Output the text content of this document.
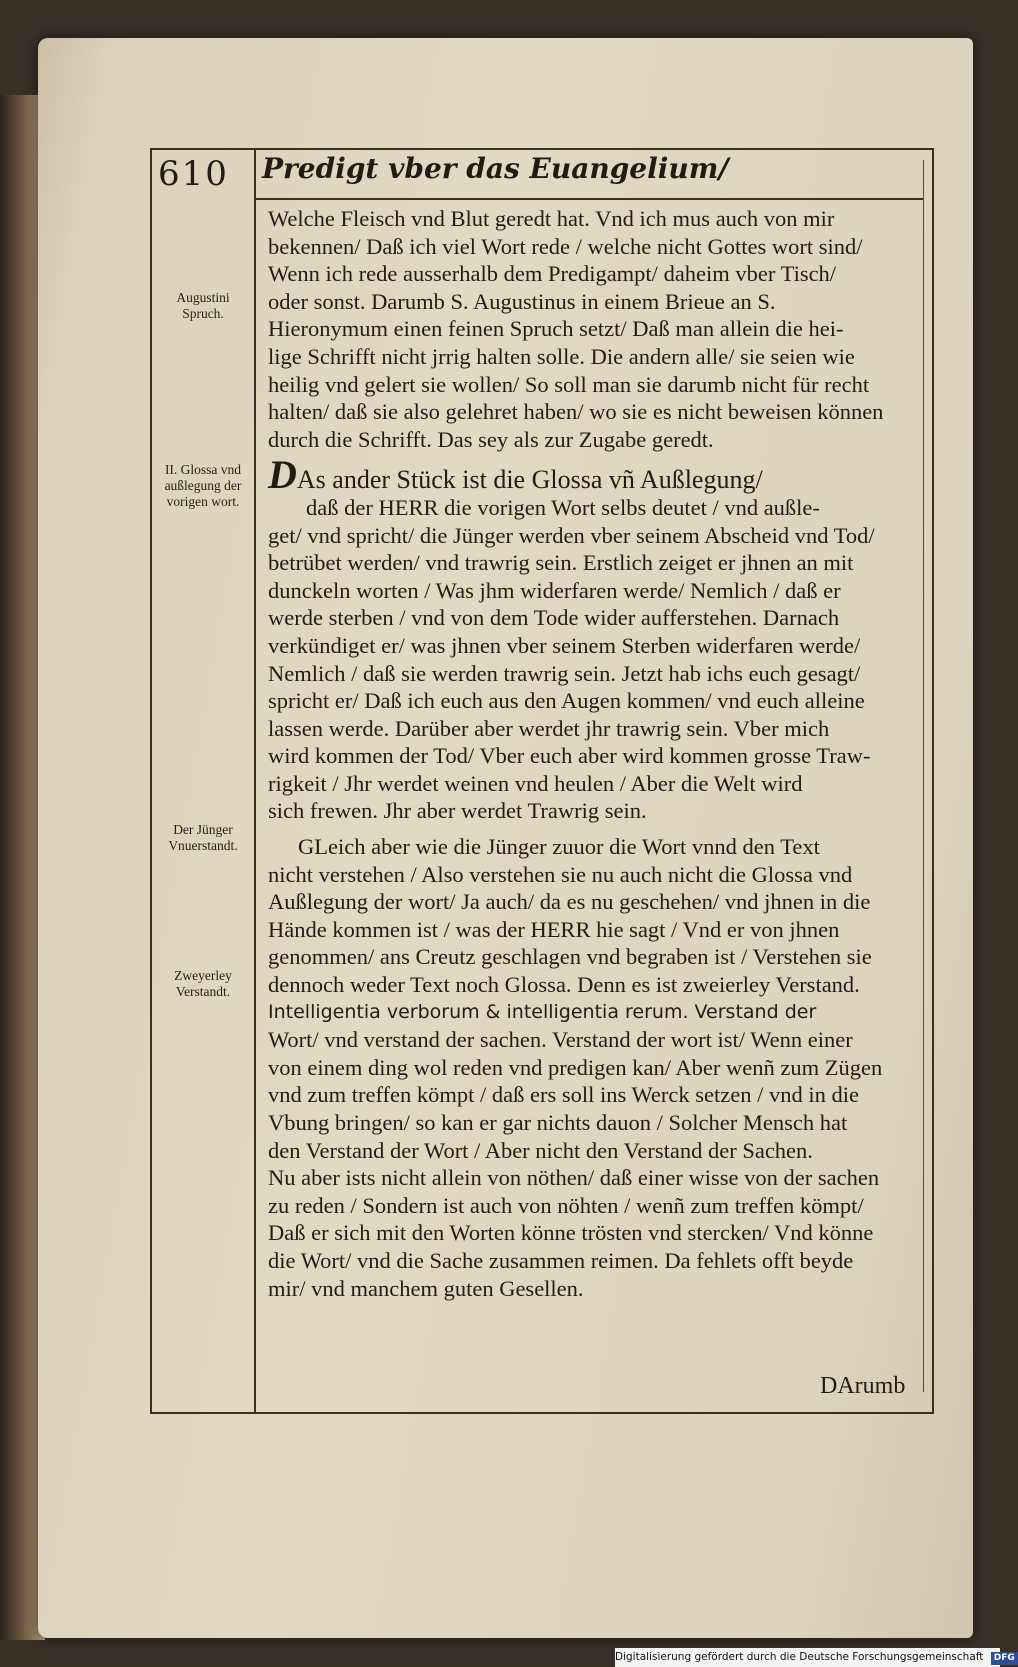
610	Predigt vber das Euangelium/
Augustini Spruch.
II. Glossa vnd außlegung der vorigen wort.
Der Jünger Vnuerstandt.
Zweyerley Verstandt.
Welche Fleisch vnd Blut geredt hat. Vnd ich mus auch von mir
bekennen/ Daß ich viel Wort rede / welche nicht Gottes wort sind/
Wenn ich rede ausserhalb dem Predigampt/ daheim vber Tisch/
oder sonst. Darumb S. Augustinus in einem Brieue an S.
Hieronymum einen feinen Spruch setzt/ Daß man allein die hei-
lige Schrifft nicht jrrig halten solle. Die andern alle/ sie seien wie
heilig vnd gelert sie wollen/ So soll man sie darumb nicht für recht
halten/ daß sie also gelehret haben/ wo sie es nicht beweisen können
durch die Schrifft. Das sey als zur Zugabe geredt.
DAs ander Stück ist die Glossa vñ Außlegung/
daß der HERR die vorigen Wort selbs deutet / vnd außle-
get/ vnd spricht/ die Jünger werden vber seinem Abscheid vnd Tod/
betrübet werden/ vnd trawrig sein. Erstlich zeiget er jhnen an mit
dunckeln worten / Was jhm widerfaren werde/ Nemlich / daß er
werde sterben / vnd von dem Tode wider aufferstehen. Darnach
verkündiget er/ was jhnen vber seinem Sterben widerfaren werde/
Nemlich / daß sie werden trawrig sein. Jetzt hab ichs euch gesagt/
spricht er/ Daß ich euch aus den Augen kommen/ vnd euch alleine
lassen werde. Darüber aber werdet jhr trawrig sein. Vber mich
wird kommen der Tod/ Vber euch aber wird kommen grosse Traw-
rigkeit / Jhr werdet weinen vnd heulen / Aber die Welt wird
sich frewen. Jhr aber werdet Trawrig sein.
GLeich aber wie die Jünger zuuor die Wort vnnd den Text
nicht verstehen / Also verstehen sie nu auch nicht die Glossa vnd
Außlegung der wort/ Ja auch/ da es nu geschehen/ vnd jhnen in die
Hände kommen ist / was der HERR hie sagt / Vnd er von jhnen
genommen/ ans Creutz geschlagen vnd begraben ist / Verstehen sie
dennoch weder Text noch Glossa. Denn es ist zweierley Verstand.
Intelligentia verborum & intelligentia rerum. Verstand der
Wort/ vnd verstand der sachen. Verstand der wort ist/ Wenn einer
von einem ding wol reden vnd predigen kan/ Aber wenñ zum Zügen
vnd zum treffen kömpt / daß ers soll ins Werck setzen / vnd in die
Vbung bringen/ so kan er gar nichts dauon / Solcher Mensch hat
den Verstand der Wort / Aber nicht den Verstand der Sachen.
Nu aber ists nicht allein von nöthen/ daß einer wisse von der sachen
zu reden / Sondern ist auch von nöhten / wenñ zum treffen kömpt/
Daß er sich mit den Worten könne trösten vnd stercken/ Vnd könne
die Wort/ vnd die Sache zusammen reimen. Da fehlets offt beyde
mir/ vnd manchem guten Gesellen.
DArumb
Digitalisierung gefördert durch die Deutsche Forschungsgemeinschaft DFG
